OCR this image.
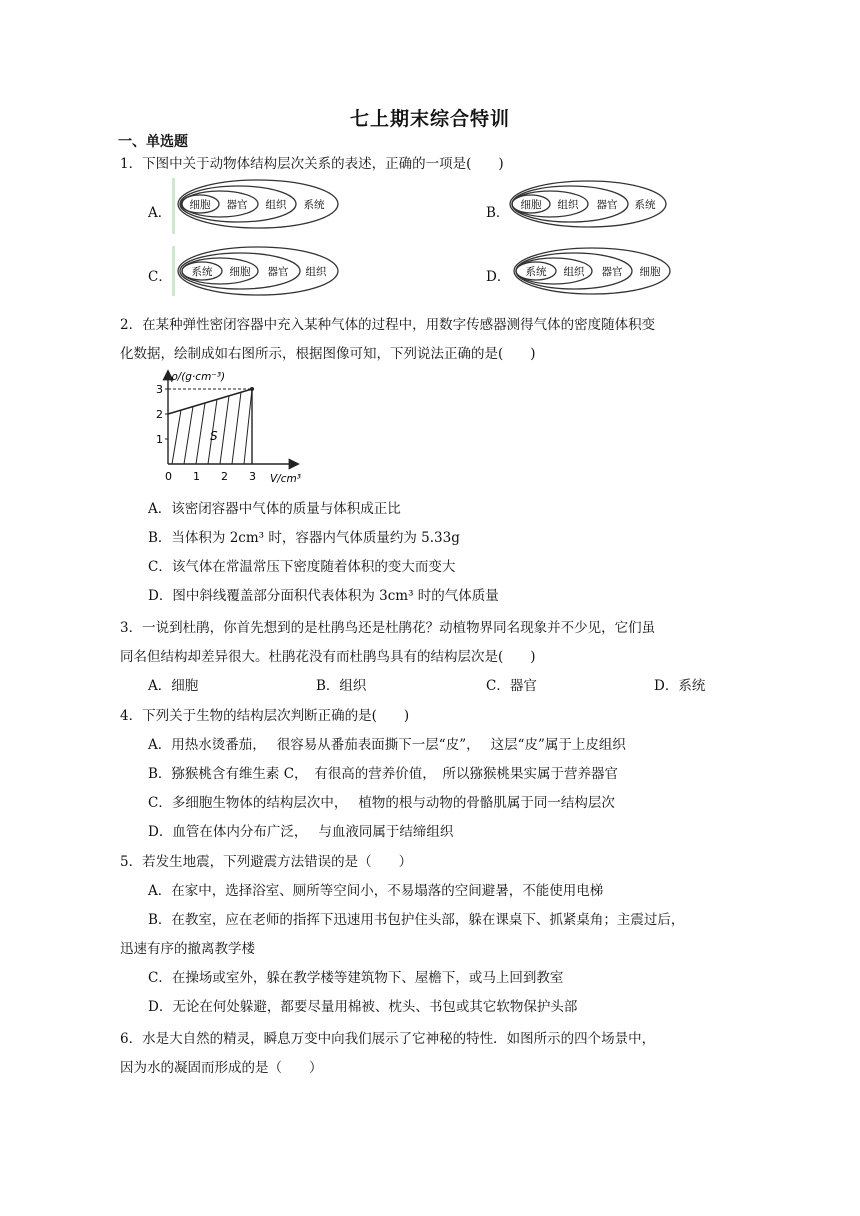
七上期末综合特训
一、单选题
1．下图中关于动物体结构层次关系的表述，正确的一项是(　　)
A．	B．
C．	D．
细胞 器官 组织 系统	细胞 组织 器官 系统
系统 细胞 器官 组织	系统 组织 器官 细胞
2．在某种弹性密闭容器中充入某种气体的过程中，用数字传感器测得气体的密度随体积变
化数据，绘制成如右图所示，根据图像可知，下列说法正确的是(　　)
ρ/(g·cm⁻³)
V/cm³
S
0 1 2 3
1
2
3
A．该密闭容器中气体的质量与体积成正比
B．当体积为 2cm³ 时，容器内气体质量约为 5.33g
C．该气体在常温常压下密度随着体积的变大而变大
D．图中斜线覆盖部分面积代表体积为 3cm³ 时的气体质量
3．一说到杜鹃，你首先想到的是杜鹃鸟还是杜鹃花？动植物界同名现象并不少见，它们虽
同名但结构却差异很大。杜鹃花没有而杜鹃鸟具有的结构层次是(　　)
A．细胞	B．组织	C．器官	D．系统
4．下列关于生物的结构层次判断正确的是(　　)
A．用热水烫番茄，　 很容易从番茄表面撕下一层“皮”，　 这层“皮”属于上皮组织
B．猕猴桃含有维生素 C，　有很高的营养价值，　所以猕猴桃果实属于营养器官
C．多细胞生物体的结构层次中，　 植物的根与动物的骨骼肌属于同一结构层次
D．血管在体内分布广泛，　 与血液同属于结缔组织
5．若发生地震，下列避震方法错误的是（　　）
A．在家中，选择浴室、厕所等空间小，不易塌落的空间避暑，不能使用电梯
B．在教室，应在老师的指挥下迅速用书包护住头部，躲在课桌下、抓紧桌角；主震过后，
迅速有序的撤离教学楼
C．在操场或室外，躲在教学楼等建筑物下、屋檐下，或马上回到教室
D．无论在何处躲避，都要尽量用棉被、枕头、书包或其它软物保护头部
6．水是大自然的精灵，瞬息万变中向我们展示了它神秘的特性．如图所示的四个场景中，
因为水的凝固而形成的是（　　）
